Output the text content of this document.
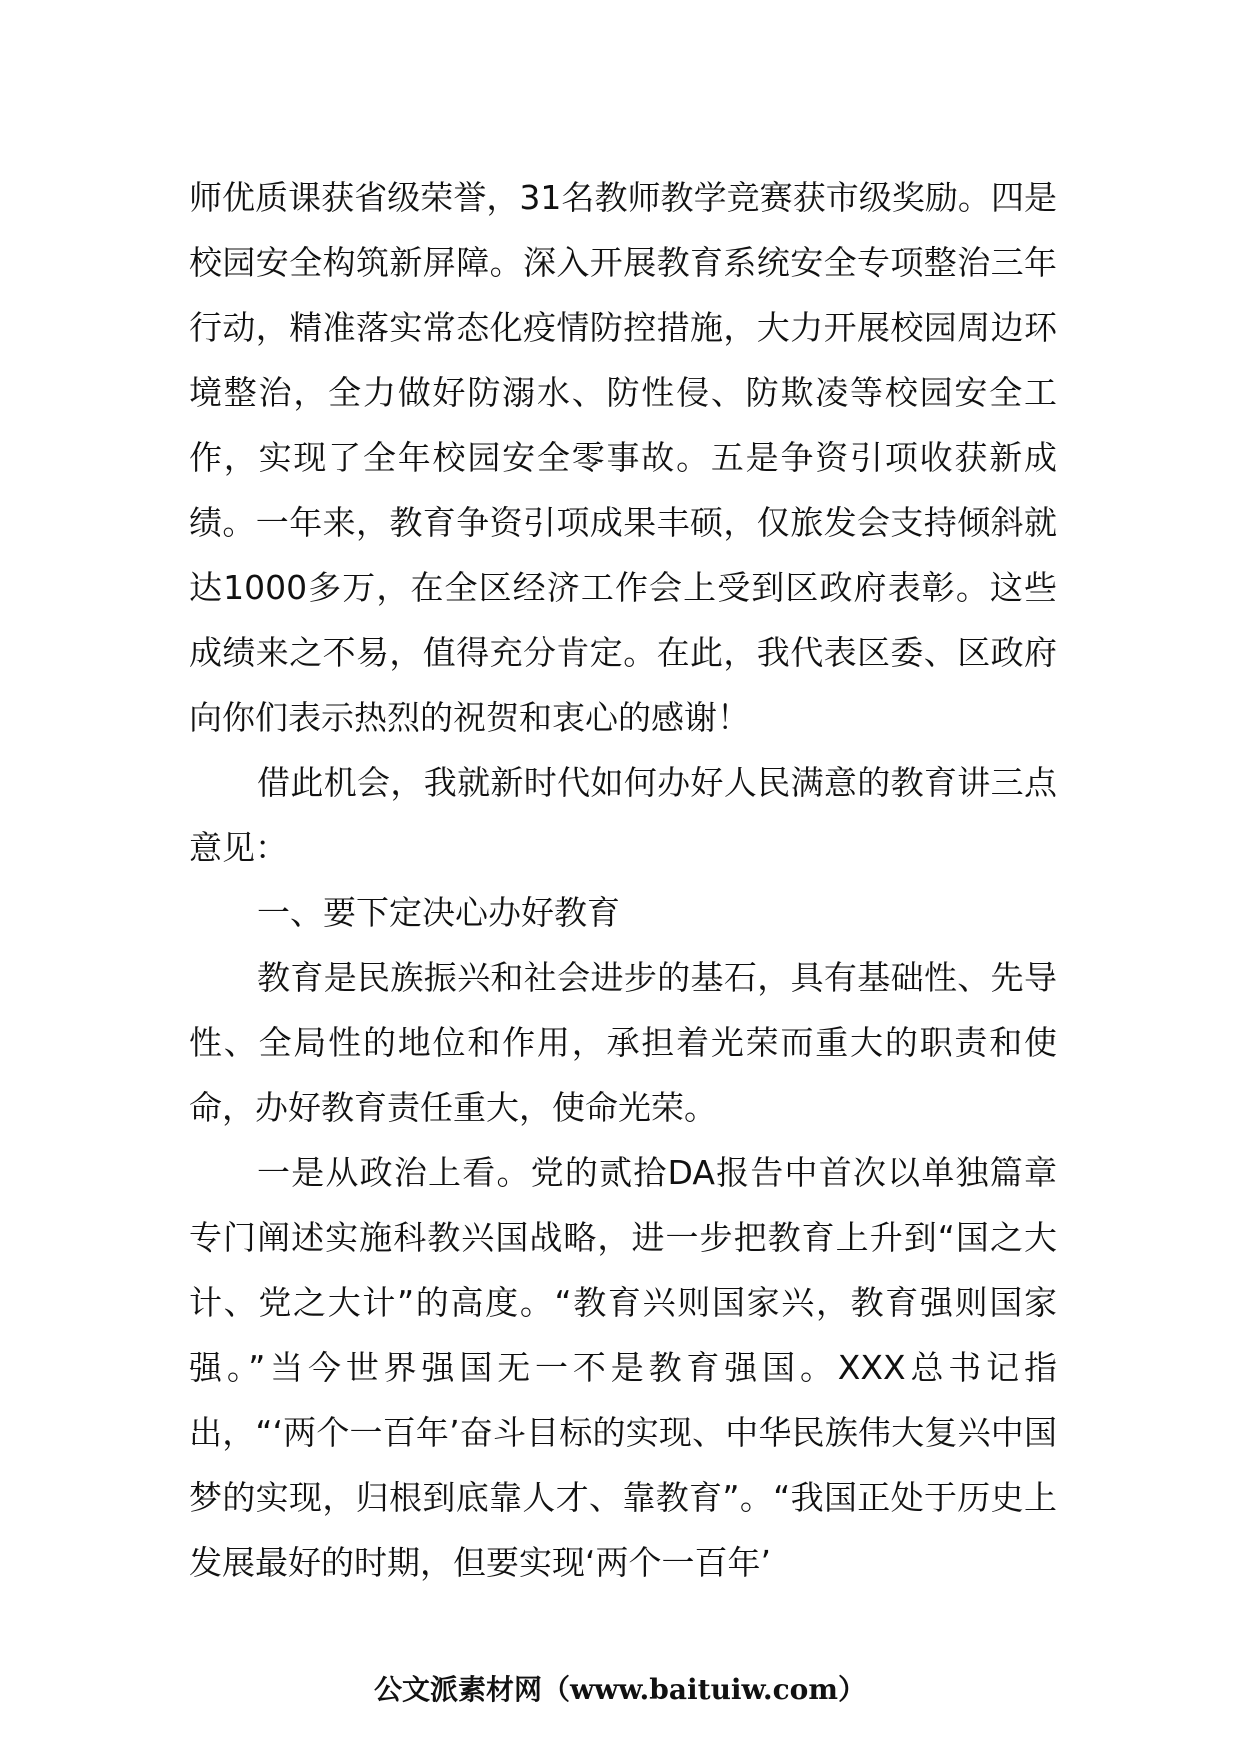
师优质课获省级荣誉，31名教师教学竞赛获市级奖励。四是校园安全构筑新屏障。深入开展教育系统安全专项整治三年行动，精准落实常态化疫情防控措施，大力开展校园周边环境整治，全力做好防溺水、防性侵、防欺凌等校园安全工作，实现了全年校园安全零事故。五是争资引项收获新成绩。一年来，教育争资引项成果丰硕，仅旅发会支持倾斜就达1000多万，在全区经济工作会上受到区政府表彰。这些成绩来之不易，值得充分肯定。在此，我代表区委、区政府向你们表示热烈的祝贺和衷心的感谢！

借此机会，我就新时代如何办好人民满意的教育讲三点意见：

一、要下定决心办好教育

教育是民族振兴和社会进步的基石，具有基础性、先导性、全局性的地位和作用，承担着光荣而重大的职责和使命，办好教育责任重大，使命光荣。

一是从政治上看。党的贰拾DA报告中首次以单独篇章专门阐述实施科教兴国战略，进一步把教育上升到“国之大计、党之大计”的高度。“教育兴则国家兴，教育强则国家强。”当今世界强国无一不是教育强国。XXX总书记指出，“‘两个一百年’奋斗目标的实现、中华民族伟大复兴中国梦的实现，归根到底靠人才、靠教育”。“我国正处于历史上发展最好的时期，但要实现‘两个一百年’

公文派素材网（www.baituiw.com）
